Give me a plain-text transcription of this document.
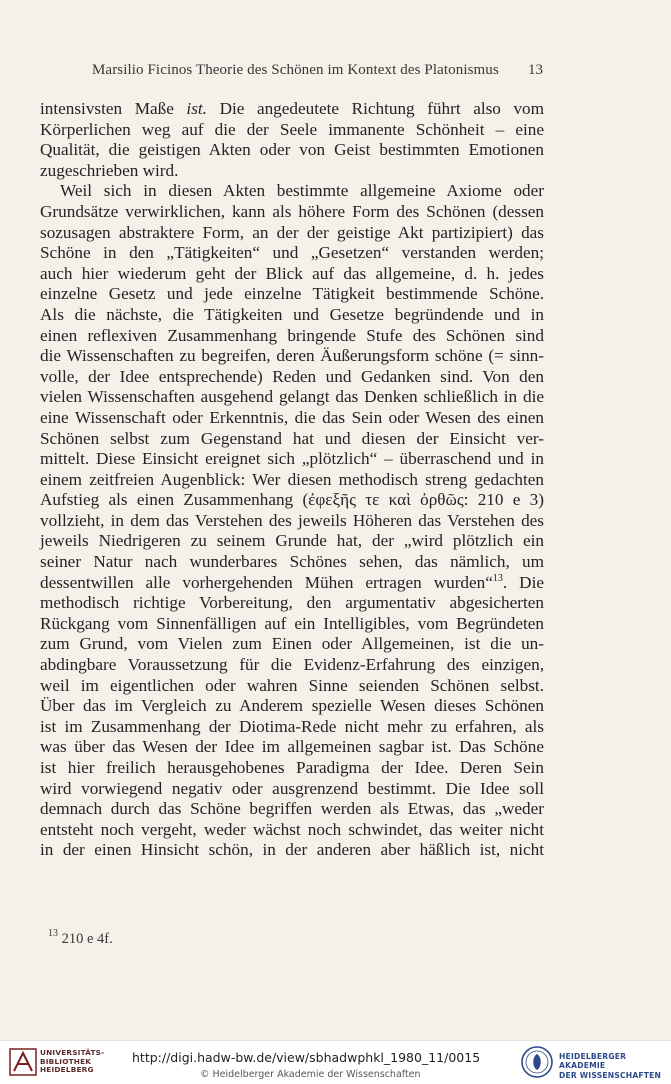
Marsilio Ficinos Theorie des Schönen im Kontext des Platonismus	13
intensivsten Maße ist. Die angedeutete Richtung führt also vom
Körperlichen weg auf die der Seele immanente Schönheit – eine
Qualität, die geistigen Akten oder von Geist bestimmten Emotionen
zugeschrieben wird.
Weil sich in diesen Akten bestimmte allgemeine Axiome oder
Grundsätze verwirklichen, kann als höhere Form des Schönen (dessen
sozusagen abstraktere Form, an der der geistige Akt partizipiert) das
Schöne in den „Tätigkeiten“ und „Gesetzen“ verstanden werden;
auch hier wiederum geht der Blick auf das allgemeine, d. h. jedes
einzelne Gesetz und jede einzelne Tätigkeit bestimmende Schöne.
Als die nächste, die Tätigkeiten und Gesetze begründende und in
einen reflexiven Zusammenhang bringende Stufe des Schönen sind
die Wissenschaften zu begreifen, deren Äußerungsform schöne (= sinn-
volle, der Idee entsprechende) Reden und Gedanken sind. Von den
vielen Wissenschaften ausgehend gelangt das Denken schließlich in die
eine Wissenschaft oder Erkenntnis, die das Sein oder Wesen des einen
Schönen selbst zum Gegenstand hat und diesen der Einsicht ver-
mittelt. Diese Einsicht ereignet sich „plötzlich“ – überraschend und in
einem zeitfreien Augenblick: Wer diesen methodisch streng gedachten
Aufstieg als einen Zusammenhang (ἐφεξῆς τε καὶ ὀρθῶς: 210 e 3)
vollzieht, in dem das Verstehen des jeweils Höheren das Verstehen des
jeweils Niedrigeren zu seinem Grunde hat, der „wird plötzlich ein
seiner Natur nach wunderbares Schönes sehen, das nämlich, um
dessentwillen alle vorhergehenden Mühen ertragen wurden“$^{13}$. Die
methodisch richtige Vorbereitung, den argumentativ abgesicherten
Rückgang vom Sinnenfälligen auf ein Intelligibles, vom Begründeten
zum Grund, vom Vielen zum Einen oder Allgemeinen, ist die un-
abdingbare Voraussetzung für die Evidenz-Erfahrung des einzigen,
weil im eigentlichen oder wahren Sinne seienden Schönen selbst.
Über das im Vergleich zu Anderem spezielle Wesen dieses Schönen
ist im Zusammenhang der Diotima-Rede nicht mehr zu erfahren, als
was über das Wesen der Idee im allgemeinen sagbar ist. Das Schöne
ist hier freilich herausgehobenes Paradigma der Idee. Deren Sein
wird vorwiegend negativ oder ausgrenzend bestimmt. Die Idee soll
demnach durch das Schöne begriffen werden als Etwas, das „weder
entsteht noch vergeht, weder wächst noch schwindet, das weiter nicht
in der einen Hinsicht schön, in der anderen aber häßlich ist, nicht
$^{13}$ 210 e 4f.
UNIVERSITÄTS-
BIBLIOTHEK
HEIDELBERG
http://digi.hadw-bw.de/view/sbhadwphkl_1980_11/0015
© Heidelberger Akademie der Wissenschaften
HEIDELBERGER AKADEMIE
DER WISSENSCHAFTEN
